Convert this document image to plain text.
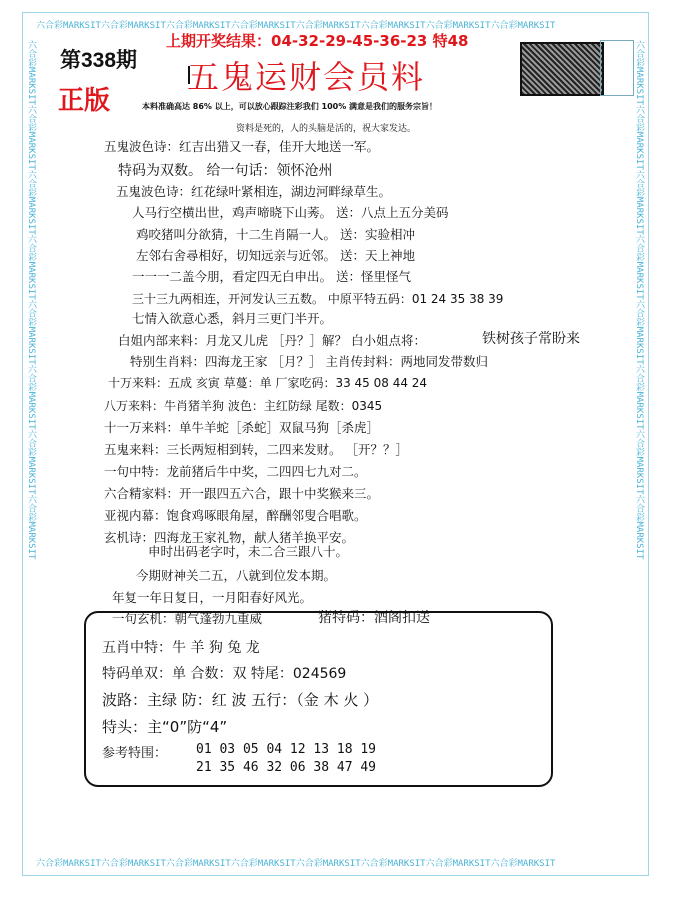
六合彩MARKSIT六合彩MARKSIT六合彩MARKSIT六合彩MARKSIT六合彩MARKSIT六合彩MARKSIT六合彩MARKSIT六合彩MARKSIT
六合彩MARKSIT六合彩MARKSIT六合彩MARKSIT六合彩MARKSIT六合彩MARKSIT六合彩MARKSIT六合彩MARKSIT六合彩MARKSIT
六合彩MARKSIT六合彩MARKSIT六合彩MARKSIT六合彩MARKSIT六合彩MARKSIT六合彩MARKSIT六合彩MARKSIT六合彩MARKSIT	六合彩MARKSIT六合彩MARKSIT六合彩MARKSIT六合彩MARKSIT六合彩MARKSIT六合彩MARKSIT六合彩MARKSIT六合彩MARKSIT
第338期
正版
上期开奖结果：04-32-29-45-36-23 特48
五鬼运财会员料
本料准确高达 86% 以上，可以放心跟踪注彩我们 100% 满意是我们的服务宗旨！
资料是死的，人的头脑是活的，祝大家发达。
五鬼波色诗：红吉出猎又一春，佳开大地送一军。
特码为双数。 给一句话：领怀沧州
五鬼波色诗：红花绿叶紧相连，湖边河畔绿草生。
人马行空横出世，鸡声啼晓下山莠。 送：八点上五分美码
鸡咬猪叫分欲猜，十二生肖隔一人。 送：实验相冲
左邻右舍尋相好，切知远亲与近邻。 送：天上神地
一一一二盖今朋，看定四无白申出。 送：怪里怪气
三十三九两相连，开河发认三五数。 中原平特五码：01 24 35 38 39
七情入欲意心悉，斜月三更门半开。
白姐内部来料：月龙又儿虎 ［丹？］解？ 白小姐点将：	铁树孩子常盼来
特别生肖料：四海龙王家 ［月？］ 主肖传封料：两地同发带数归
十万来料：五成 亥寅 草蔓：单 厂家吃码：33 45 08 44 24
八万来料：牛肖猪羊狗 波色：主红防绿 尾数：0345
十一万来料：单牛羊蛇［杀蛇］双鼠马狗［杀虎］
五鬼来料：三长两短相到转，二四来发财。 ［开？？］
一句中特：龙前猪后牛中奖，二四四七九对二。
六合精家料：开一跟四五六合，跟十中奖猴来三。
亚视内幕：饱食鸡啄眼角屋，醉酬邻叟合唱歌。
玄机诗：四海龙王家礼物，献人猪羊换平安。
申时出码老字吋，未二合三跟八十。
今期财神关二五，八就到位发本期。
年复一年日复日，一月阳春好风光。
一句玄机：朝气蓬勃九重威	猪特码：酒阁扣送
五肖中特：牛 羊 狗 兔 龙
特码单双：单 合数：双 特尾：024569
波路：主绿 防：红 波 五行：（金 木 火 ）
特头：主“0”防“4”
参考特围： 01 03 05 04 12 13 18 19
21 35 46 32 06 38 47 49
